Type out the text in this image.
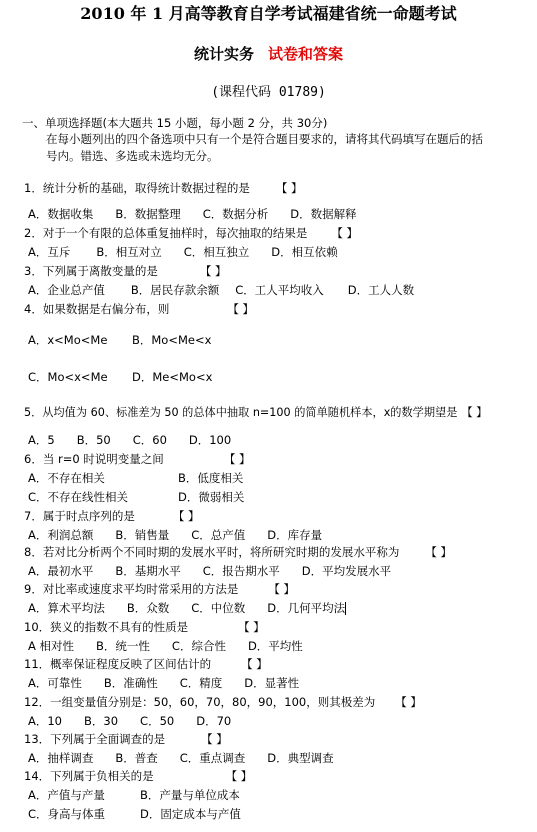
2010 年 1 月高等教育自学考试福建省统一命题考试
统计实务 试卷和答案
(课程代码 01789)
一、单项选择题(本大题共 15 小题，每小题 2 分，共 30分)
在每小题列出的四个备选项中只有一个是符合题目要求的，请将其代码填写在题后的括
号内。错选、多选或未选均无分。
1．统计分析的基础，取得统计数据过程的是 【 】
A．数据收集 B．数据整理 C．数据分析 D．数据解释
2．对于一个有限的总体重复抽样时，每次抽取的结果是 【 】
A．互斥 B．相互对立 C．相互独立 D．相互依赖
3．下列属于离散变量的是	【 】
A．企业总产值 B．居民存款余额 C．工人平均收入 D．工人人数
4．如果数据是右偏分布，则	【 】
A．x<Mo<Me B．Mo<Me<x
C．Mo<x<Me D．Me<Mo<x
5．从均值为 60、标准差为 50 的总体中抽取 n=100 的简单随机样本，x的数学期望是 【 】
A．5 B．50 C．60 D．100
6．当 r=0 时说明变量之间	【 】
A．不存在相关	B．低度相关
C．不存在线性相关	D．微弱相关
7．属于时点序列的是	【 】
A．利润总额 B．销售量 C．总产值 D．库存量
8．若对比分析两个不同时期的发展水平时，将所研究时期的发展水平称为 【 】
A．最初水平 B．基期水平 C．报告期水平 D．平均发展水平
9．对比率或速度求平均时常采用的方法是	【 】
A．算术平均法 B．众数 C．中位数 D．几何平均法
10．狭义的指数不具有的性质是	【 】
A 相对性 B．统一性 C．综合性 D．平均性
11．概率保证程度反映了区间估计的	【 】
A．可靠性 B．准确性 C．精度 D．显著性
12．一组变量值分别是：50，60，70，80，90，100，则其极差为 【 】
A．10 B．30 C．50 D．70
13．下列属于全面调查的是	【 】
A．抽样调查 B．普查 C．重点调查 D．典型调查
14．下列属于负相关的是	【 】
A．产值与产量	B．产量与单位成本
C．身高与体重	D．固定成本与产值
